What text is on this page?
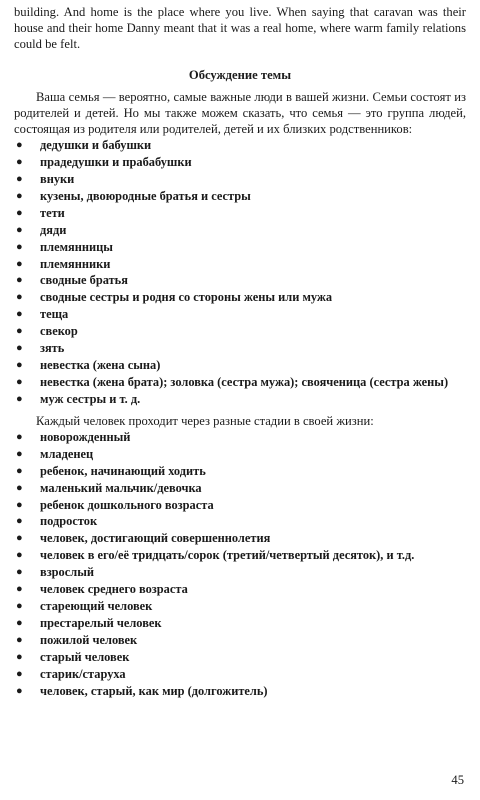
building. And home is the place where you live. When saying that caravan was their house and their home Danny meant that it was a real home, where warm family relations could be felt.

Обсуждение темы

Ваша семья — вероятно, самые важные люди в вашей жизни. Семьи состоят из родителей и детей. Но мы также можем сказать, что семья — это группа людей, состоящая из родителя или родителей, детей и их близких родственников:

● дедушки и бабушки
● прадедушки и прабабушки
● внуки
● кузены, двоюродные братья и сестры
● тети
● дяди
● племянницы
● племянники
● сводные братья
● сводные сестры и родня со стороны жены или мужа
● теща
● свекор
● зять
● невестка (жена сына)
● невестка (жена брата); золовка (сестра мужа); свояченица (сестра жены)
● муж сестры и т. д.

Каждый человек проходит через разные стадии в своей жизни:

● новорожденный
● младенец
● ребенок, начинающий ходить
● маленький мальчик/девочка
● ребенок дошкольного возраста
● подросток
● человек, достигающий совершеннолетия
● человек в его/её тридцать/сорок (третий/четвертый десяток), и т.д.
● взрослый
● человек среднего возраста
● стареющий человек
● престарелый человек
● пожилой человек
● старый человек
● старик/старуха
● человек, старый, как мир (долгожитель)
45
